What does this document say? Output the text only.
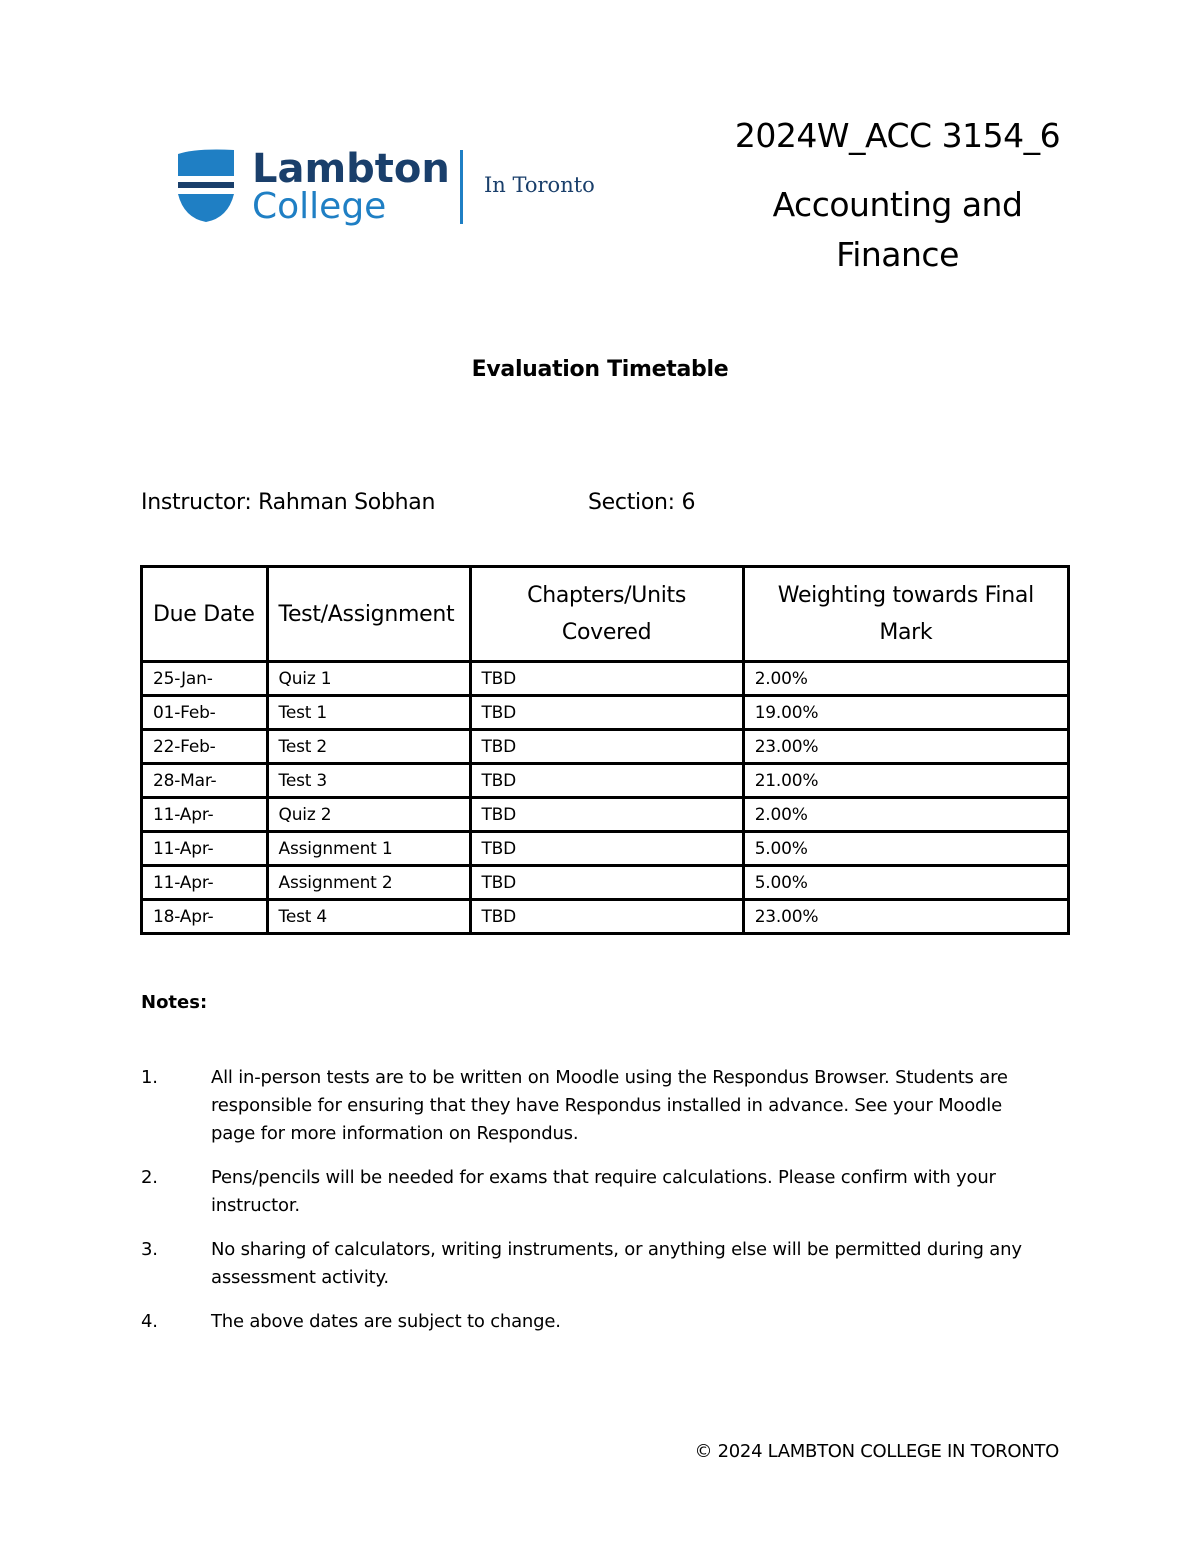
Lambton
College
In Toronto
2024W_ACC 3154_6
Accounting and
Finance
Evaluation Timetable
Instructor: Rahman Sobhan	Section: 6
Due Date	Test/Assignment	Chapters/Units Covered	Weighting towards Final Mark
25-Jan-	Quiz 1	TBD	2.00%
01-Feb-	Test 1	TBD	19.00%
22-Feb-	Test 2	TBD	23.00%
28-Mar-	Test 3	TBD	21.00%
11-Apr-	Quiz 2	TBD	2.00%
11-Apr-	Assignment 1	TBD	5.00%
11-Apr-	Assignment 2	TBD	5.00%
18-Apr-	Test 4	TBD	23.00%
Notes:
1.	All in-person tests are to be written on Moodle using the Respondus Browser. Students are responsible for ensuring that they have Respondus installed in advance. See your Moodle page for more information on Respondus.
2.	Pens/pencils will be needed for exams that require calculations. Please confirm with your instructor.
3.	No sharing of calculators, writing instruments, or anything else will be permitted during any assessment activity.
4.	The above dates are subject to change.
© 2024 LAMBTON COLLEGE IN TORONTO
